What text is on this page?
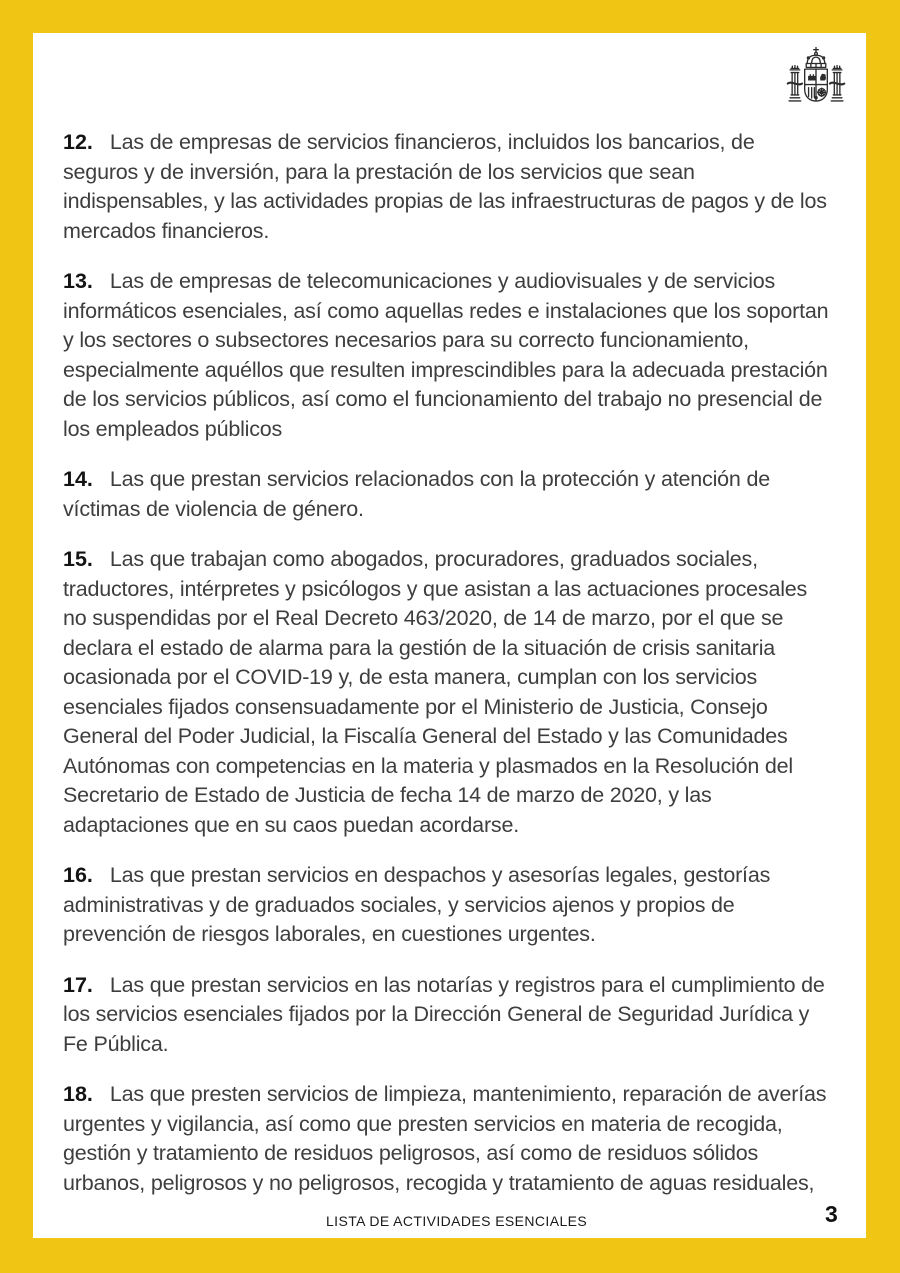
12. Las de empresas de servicios financieros, incluidos los bancarios, de seguros y de inversión, para la prestación de los servicios que sean indispensables, y las actividades propias de las infraestructuras de pagos y de los mercados financieros.

13. Las de empresas de telecomunicaciones y audiovisuales y de servicios informáticos esenciales, así como aquellas redes e instalaciones que los soportan y los sectores o subsectores necesarios para su correcto funcionamiento, especialmente aquéllos que resulten imprescindibles para la adecuada prestación de los servicios públicos, así como el funcionamiento del trabajo no presencial de los empleados públicos

14. Las que prestan servicios relacionados con la protección y atención de víctimas de violencia de género.

15. Las que trabajan como abogados, procuradores, graduados sociales, traductores, intérpretes y psicólogos y que asistan a las actuaciones procesales no suspendidas por el Real Decreto 463/2020, de 14 de marzo, por el que se declara el estado de alarma para la gestión de la situación de crisis sanitaria ocasionada por el COVID-19 y, de esta manera, cumplan con los servicios esenciales fijados consensuadamente por el Ministerio de Justicia, Consejo General del Poder Judicial, la Fiscalía General del Estado y las Comunidades Autónomas con competencias en la materia y plasmados en la Resolución del Secretario de Estado de Justicia de fecha 14 de marzo de 2020, y las adaptaciones que en su caos puedan acordarse.

16. Las que prestan servicios en despachos y asesorías legales, gestorías administrativas y de graduados sociales, y servicios ajenos y propios de prevención de riesgos laborales, en cuestiones urgentes.

17. Las que prestan servicios en las notarías y registros para el cumplimiento de los servicios esenciales fijados por la Dirección General de Seguridad Jurídica y Fe Pública.

18. Las que presten servicios de limpieza, mantenimiento, reparación de averías urgentes y vigilancia, así como que presten servicios en materia de recogida, gestión y tratamiento de residuos peligrosos, así como de residuos sólidos urbanos, peligrosos y no peligrosos, recogida y tratamiento de aguas residuales,

LISTA DE ACTIVIDADES ESENCIALES	3
